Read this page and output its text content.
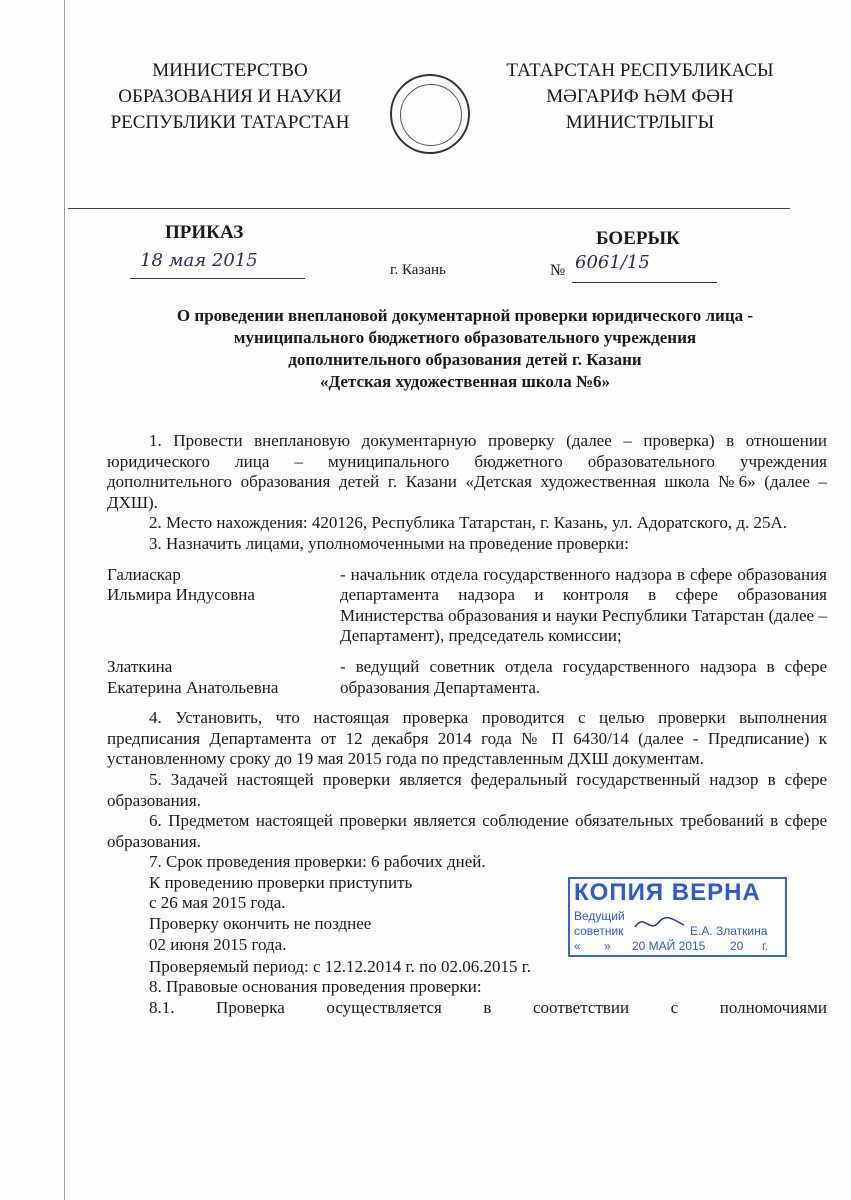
МИНИСТЕРСТВО
ОБРАЗОВАНИЯ И НАУКИ
РЕСПУБЛИКИ ТАТАРСТАН
ТАТАРСТАН РЕСПУБЛИКАСЫ
МӘГАРИФ ҺӘМ ФӘН
МИНИСТРЛЫГЫ
ПРИКАЗ	БОЕРЫК
18 мая 2015	г. Казань	№ 6061/15
О проведении внеплановой документарной проверки юридического лица -
муниципального бюджетного образовательного учреждения
дополнительного образования детей г. Казани
«Детская художественная школа №6»

1. Провести внеплановую документарную проверку (далее – проверка) в отношении юридического лица – муниципального бюджетного образовательного учреждения дополнительного образования детей г. Казани «Детская художественная школа №6» (далее – ДХШ).

2. Место нахождения: 420126, Республика Татарстан, г. Казань, ул. Адоратского, д. 25А.

3. Назначить лицами, уполномоченными на проведение проверки:

Галиаскар
Ильмира Индусовна
- начальник отдела государственного надзора в сфере образования департамента надзора и контроля в сфере образования Министерства образования и науки Республики Татарстан (далее – Департамент), председатель комиссии;
Златкина
Екатерина Анатольевна
- ведущий советник отдела государственного надзора в сфере образования Департамента.

4. Установить, что настоящая проверка проводится с целью проверки выполнения предписания Департамента от 12 декабря 2014 года № П 6430/14 (далее - Предписание) к установленному сроку до 19 мая 2015 года по представленным ДХШ документам.

5. Задачей настоящей проверки является федеральный государственный надзор в сфере образования.

6. Предметом настоящей проверки является соблюдение обязательных требований в сфере образования.

7. Срок проведения проверки: 6 рабочих дней.

К проведению проверки приступить
с 26 мая 2015 года.
Проверку окончить не позднее
02 июня 2015 года.
КОПИЯ ВЕРНА
Ведущий
советник	Е.А. Златкина
« » 20 МАЙ 2015 20 г.

Проверяемый период: с 12.12.2014 г. по 02.06.2015 г.

8. Правовые основания проведения проверки:

8.1. Проверка осуществляется в соответствии с полномочиями
